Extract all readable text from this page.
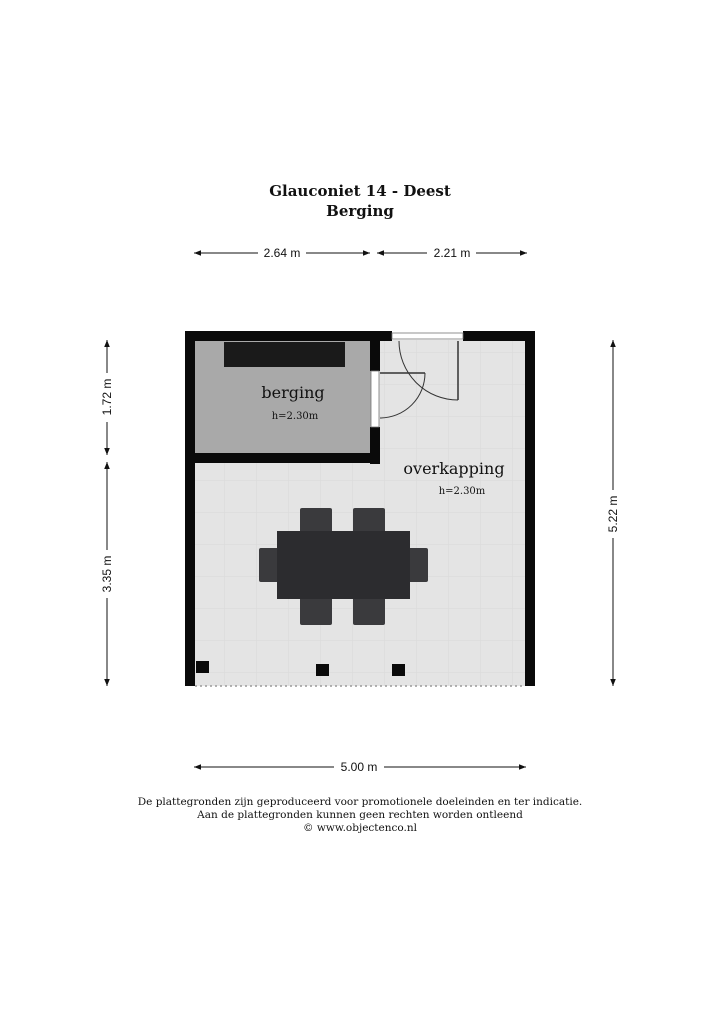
Glauconiet 14 - Deest
Berging
berging
h=2.30m
overkapping
h=2.30m
2.64 m	2.21 m
1.72 m
3.35 m
5.22 m
5.00 m
De plattegronden zijn geproduceerd voor promotionele doeleinden en ter indicatie.
Aan de plattegronden kunnen geen rechten worden ontleend
© www.objectenco.nl
